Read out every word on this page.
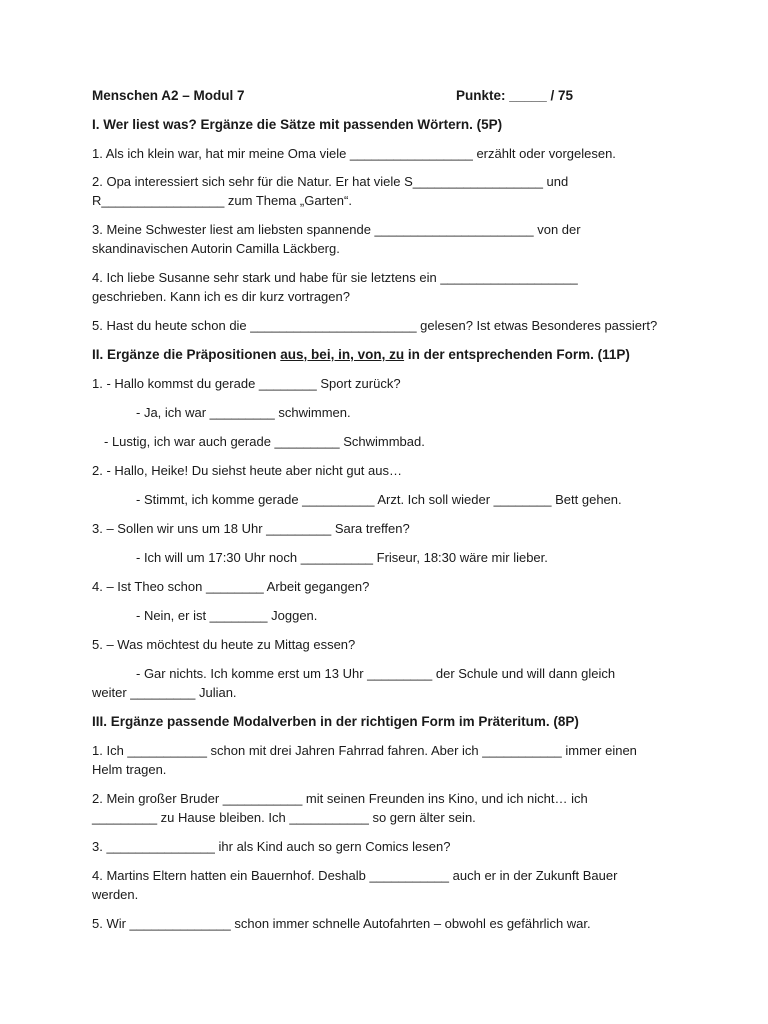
Menschen A2 – Modul 7	Punkte: _____ / 75
I. Wer liest was? Ergänze die Sätze mit passenden Wörtern. (5P)
1. Als ich klein war, hat mir meine Oma viele _________________ erzählt oder vorgelesen.
2. Opa interessiert sich sehr für die Natur. Er hat viele S__________________ und
R_________________ zum Thema „Garten“.
3. Meine Schwester liest am liebsten spannende ______________________ von der
skandinavischen Autorin Camilla Läckberg.
4. Ich liebe Susanne sehr stark und habe für sie letztens ein ___________________
geschrieben. Kann ich es dir kurz vortragen?
5. Hast du heute schon die _______________________ gelesen? Ist etwas Besonderes passiert?
II. Ergänze die Präpositionen aus, bei, in, von, zu in der entsprechenden Form. (11P)
1. - Hallo kommst du gerade ________ Sport zurück?
- Ja, ich war _________ schwimmen.
- Lustig, ich war auch gerade _________ Schwimmbad.
2. - Hallo, Heike! Du siehst heute aber nicht gut aus…
- Stimmt, ich komme gerade __________ Arzt. Ich soll wieder ________ Bett gehen.
3. – Sollen wir uns um 18 Uhr _________ Sara treffen?
- Ich will um 17:30 Uhr noch __________ Friseur, 18:30 wäre mir lieber.
4. – Ist Theo schon ________ Arbeit gegangen?
- Nein, er ist ________ Joggen.
5. – Was möchtest du heute zu Mittag essen?
- Gar nichts. Ich komme erst um 13 Uhr _________ der Schule und will dann gleich
weiter _________ Julian.
III. Ergänze passende Modalverben in der richtigen Form im Präteritum. (8P)
1. Ich ___________ schon mit drei Jahren Fahrrad fahren. Aber ich ___________ immer einen
Helm tragen.
2. Mein großer Bruder ___________ mit seinen Freunden ins Kino, und ich nicht… ich
_________ zu Hause bleiben. Ich ___________ so gern älter sein.
3. _______________ ihr als Kind auch so gern Comics lesen?
4. Martins Eltern hatten ein Bauernhof. Deshalb ___________ auch er in der Zukunft Bauer
werden.
5. Wir ______________ schon immer schnelle Autofahrten – obwohl es gefährlich war.
